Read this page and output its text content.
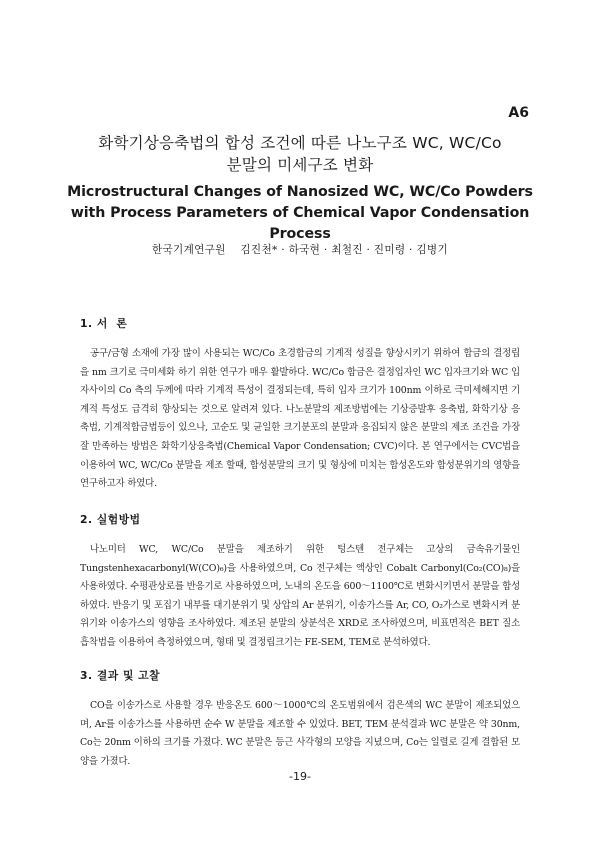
A6
화학기상응축법의 합성 조건에 따른 나노구조 WC, WC/Co
분말의 미세구조 변화
Microstructural Changes of Nanosized WC, WC/Co Powders
with Process Parameters of Chemical Vapor Condensation Process
한국기계연구원    김진천* · 하국현 · 최철진 · 진미령 · 김병기
1. 서  론

공구/금형 소재에 가장 많이 사용되는 WC/Co 초경합금의 기계적 성질을 향상시키기 위하여 합금의 결정립을 nm 크기로 극미세화 하기 위한 연구가 매우 활발하다. WC/Co 합금은 결정입자인 WC 입자크기와 WC 입자사이의 Co 측의 두께에 따라 기계적 특성이 결정되는데, 특히 입자 크기가 100nm 이하로 극미세해지면 기계적 특성도 급격히 향상되는 것으로 알려져 있다. 나노분말의 제조방법에는 기상증발후 응축법, 화학기상 응축법, 기계적합금법등이 있으나, 고순도 및 균일한 크기분포의 분말과 응집되지 않은 분말의 제조 조건을 가장 잘 만족하는 방법은 화학기상응축법(Chemical Vapor Condensation; CVC)이다. 본 연구에서는 CVC법을 이용하여 WC, WC/Co 분말을 제조 할때, 합성분말의 크기 및 형상에 미치는 합성온도와 합성분위기의 영향을 연구하고자 하였다.

2. 실험방법

나노미터 WC, WC/Co 분말을 제조하기 위한 텅스텐 전구체는 고상의 금속유기물인 Tungstenhexacarbonyl(W(CO)₆)을 사용하였으며, Co 전구체는 액상인 Cobalt Carbonyl(Co₂(CO)₈)을 사용하였다. 수평관상로를 반응기로 사용하였으며, 노내의 온도을 600～1100℃로 변화시키면서 분말을 합성하였다. 반응기 및 포집기 내부를 대기분위기 및 상압의 Ar 분위기, 이송가스를 Ar, CO, O₂가스로 변화시켜 분위기와 이송가스의 영향을 조사하였다. 제조된 분말의 상분석은 XRD로 조사하였으며, 비표면적은 BET 질소흡착법을 이용하여 측정하였으며, 형태 및 결정립크기는 FE-SEM, TEM로 분석하였다.

3. 결과 및 고찰

CO을 이송가스로 사용할 경우 반응온도 600～1000℃의 온도범위에서 검은색의 WC 분말이 제조되었으며, Ar를 이송가스를 사용하면 순수 W 분말을 제조할 수 있었다. BET, TEM 분석결과 WC 분말은 약 30nm, Co는 20nm 이하의 크기를 가졌다. WC 분말은 등근 사각형의 모양을 지녔으며, Co는 일렬로 길게 결합된 모양을 가졌다.

-19-
